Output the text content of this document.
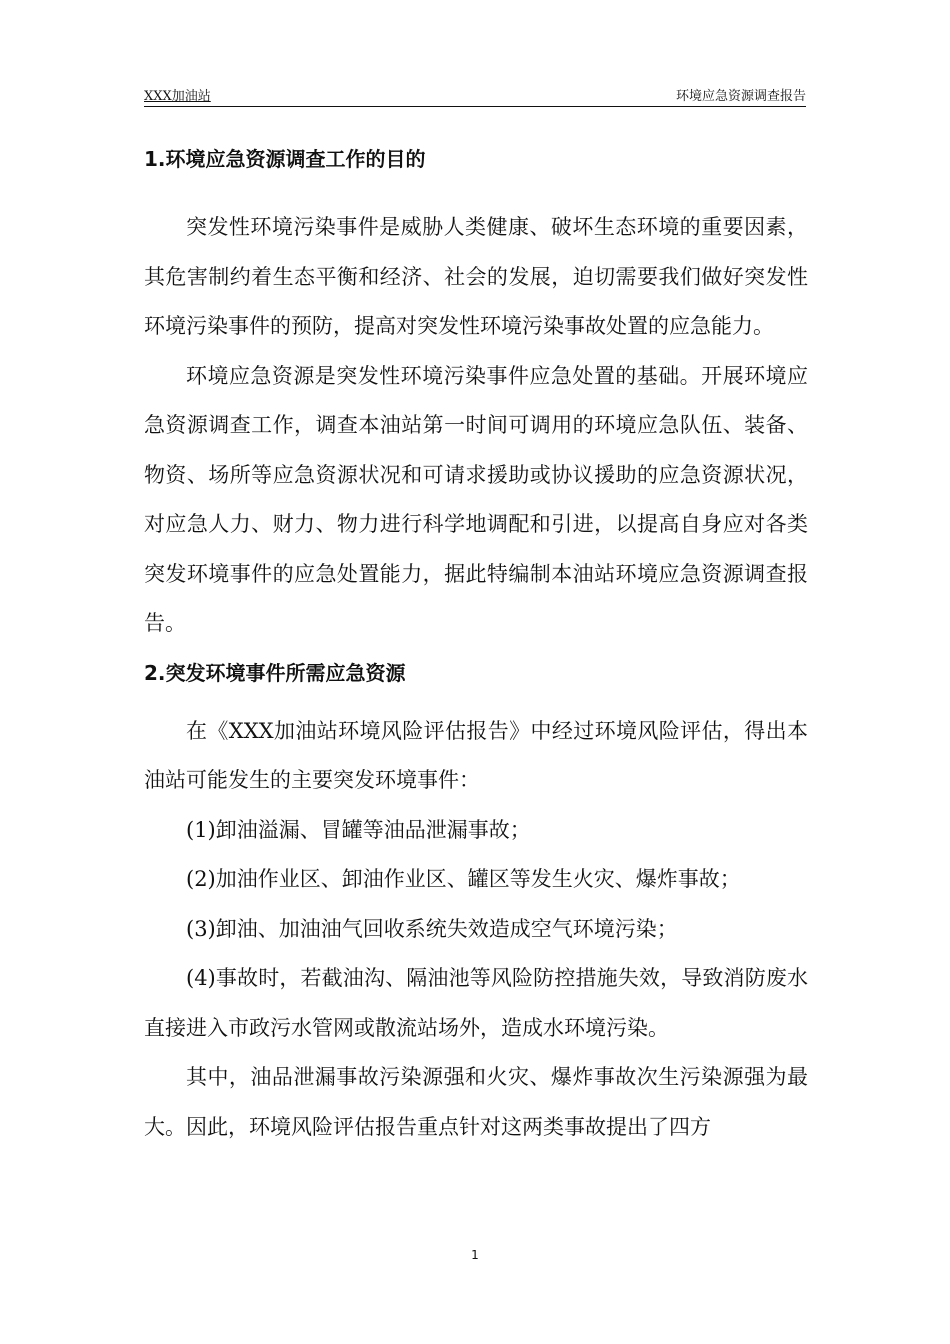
XXX加油站	环境应急资源调查报告
1.环境应急资源调查工作的目的

突发性环境污染事件是威胁人类健康、破坏生态环境的重要因素，其危害制约着生态平衡和经济、社会的发展，迫切需要我们做好突发性环境污染事件的预防，提高对突发性环境污染事故处置的应急能力。

环境应急资源是突发性环境污染事件应急处置的基础。开展环境应急资源调查工作，调查本油站第一时间可调用的环境应急队伍、装备、物资、场所等应急资源状况和可请求援助或协议援助的应急资源状况，对应急人力、财力、物力进行科学地调配和引进，以提高自身应对各类突发环境事件的应急处置能力，据此特编制本油站环境应急资源调查报告。

2.突发环境事件所需应急资源

在《XXX加油站环境风险评估报告》中经过环境风险评估，得出本油站可能发生的主要突发环境事件：

(1)卸油溢漏、冒罐等油品泄漏事故；

(2)加油作业区、卸油作业区、罐区等发生火灾、爆炸事故；

(3)卸油、加油油气回收系统失效造成空气环境污染；

(4)事故时，若截油沟、隔油池等风险防控措施失效，导致消防废水直接进入市政污水管网或散流站场外，造成水环境污染。

其中，油品泄漏事故污染源强和火灾、爆炸事故次生污染源强为最大。因此，环境风险评估报告重点针对这两类事故提出了四方

1
